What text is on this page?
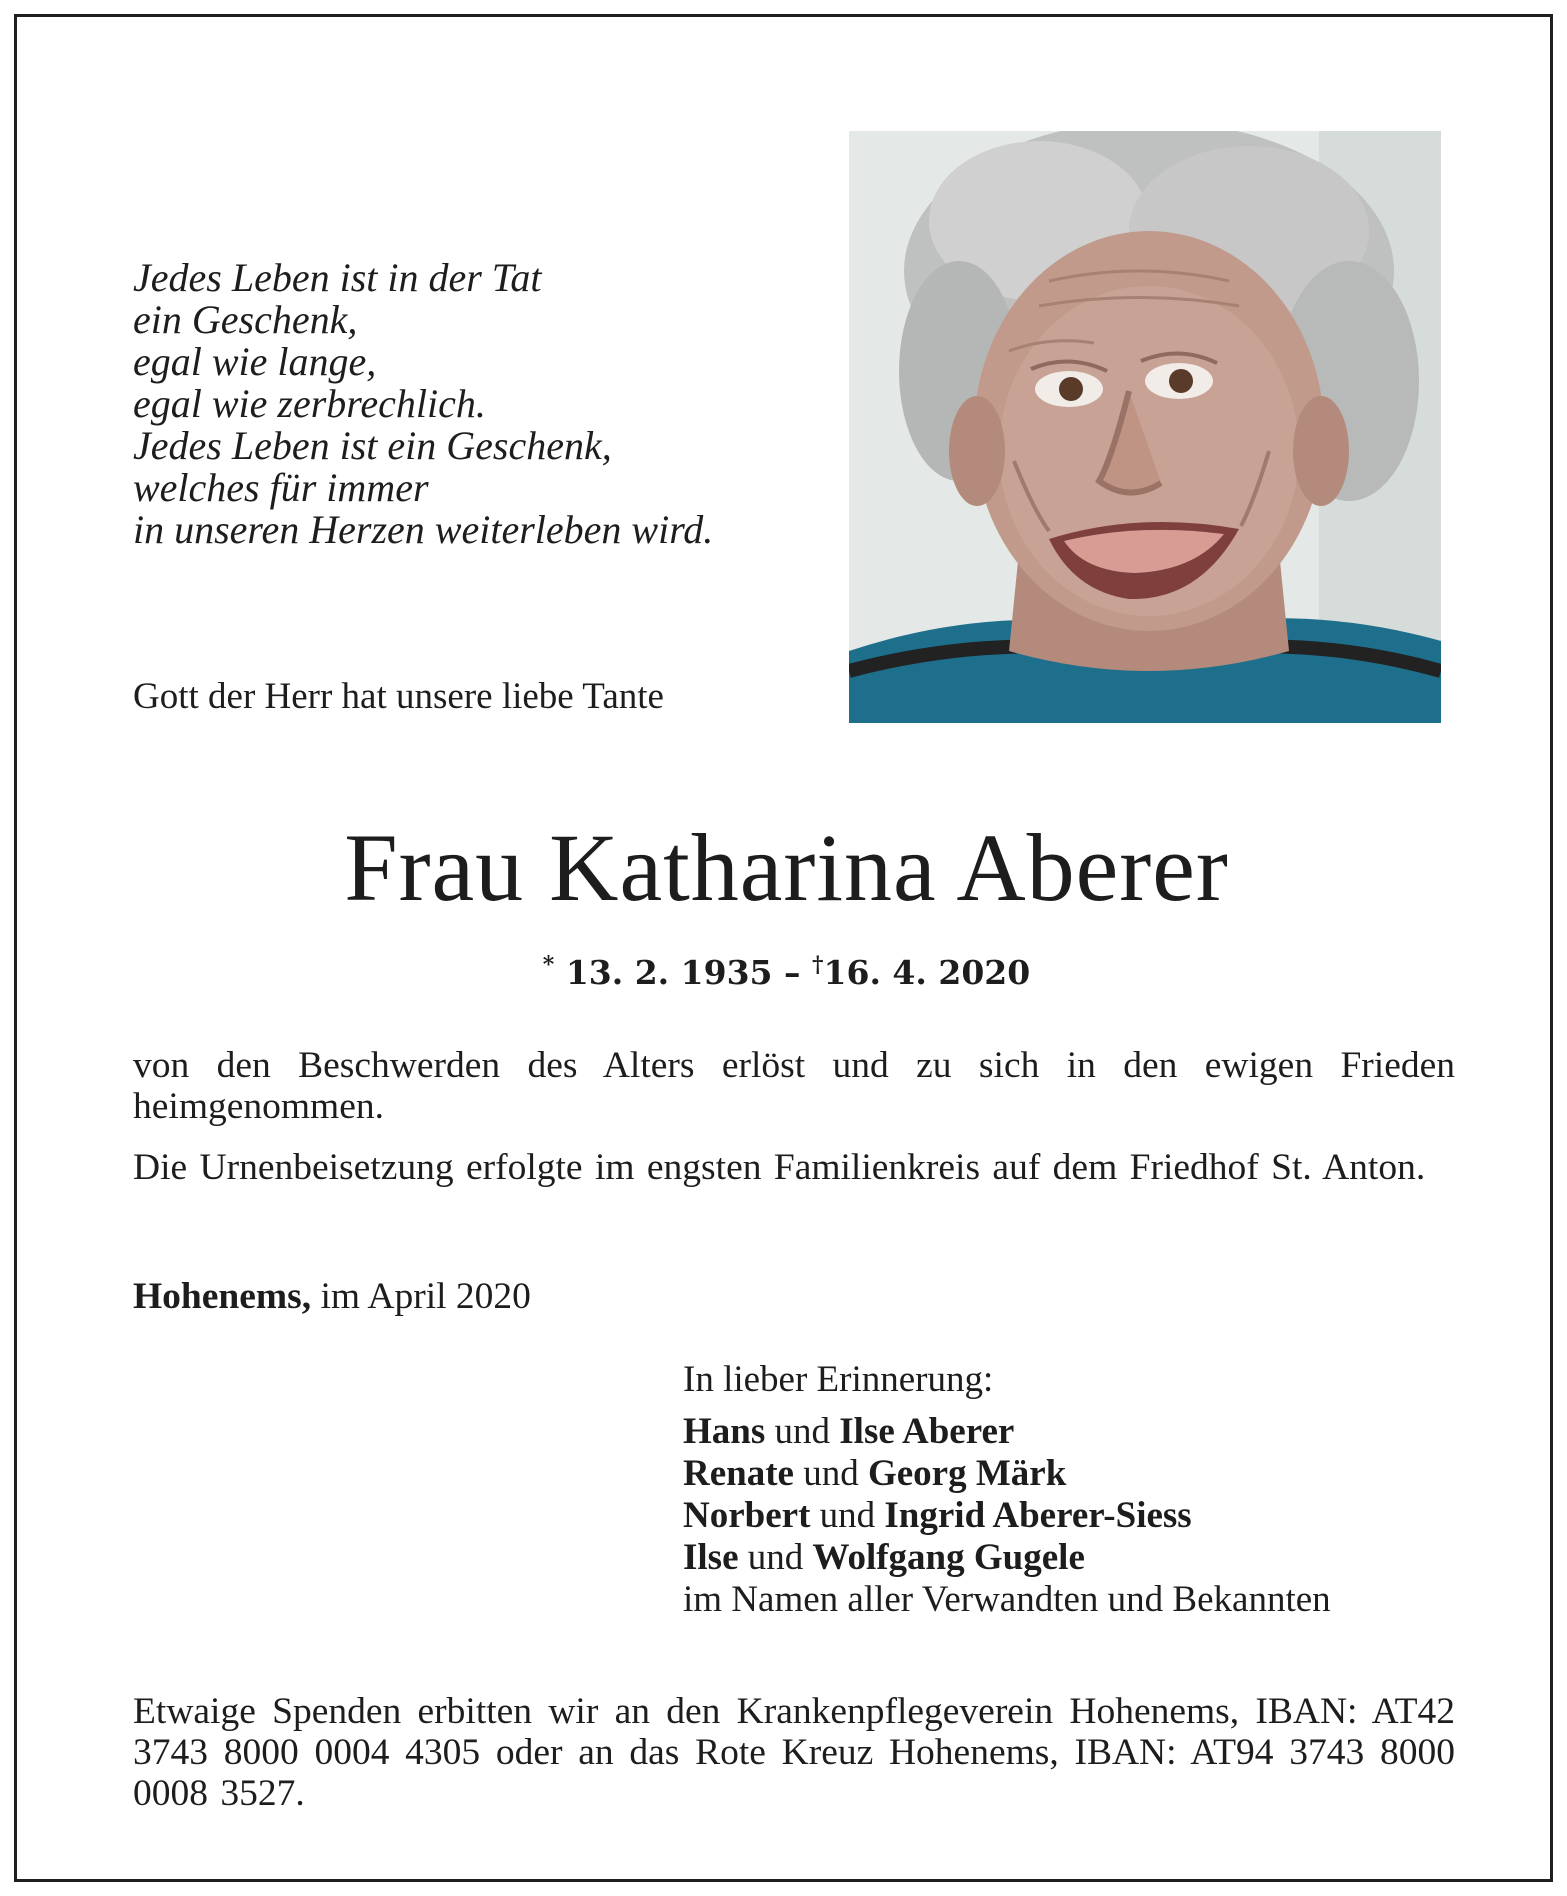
Jedes Leben ist in der Tat
ein Geschenk,
egal wie lange,
egal wie zerbrechlich.
Jedes Leben ist ein Geschenk,
welches für immer
in unseren Herzen weiterleben wird.
Gott der Herr hat unsere liebe Tante
Frau Katharina Aberer
* 13. 2. 1935 – †16. 4. 2020
von den Beschwerden des Alters erlöst und zu sich in den ewigen Frieden heimgenommen.
Die Urnenbeisetzung erfolgte im engsten Familienkreis auf dem Friedhof St. Anton.
Hohenems, im April 2020
In lieber Erinnerung:
Hans und Ilse Aberer
Renate und Georg Märk
Norbert und Ingrid Aberer-Siess
Ilse und Wolfgang Gugele
im Namen aller Verwandten und Bekannten
Etwaige Spenden erbitten wir an den Krankenpflegeverein Hohenems, IBAN: AT42 3743 8000 0004 4305 oder an das Rote Kreuz Hohenems, IBAN: AT94 3743 8000 0008 3527.
